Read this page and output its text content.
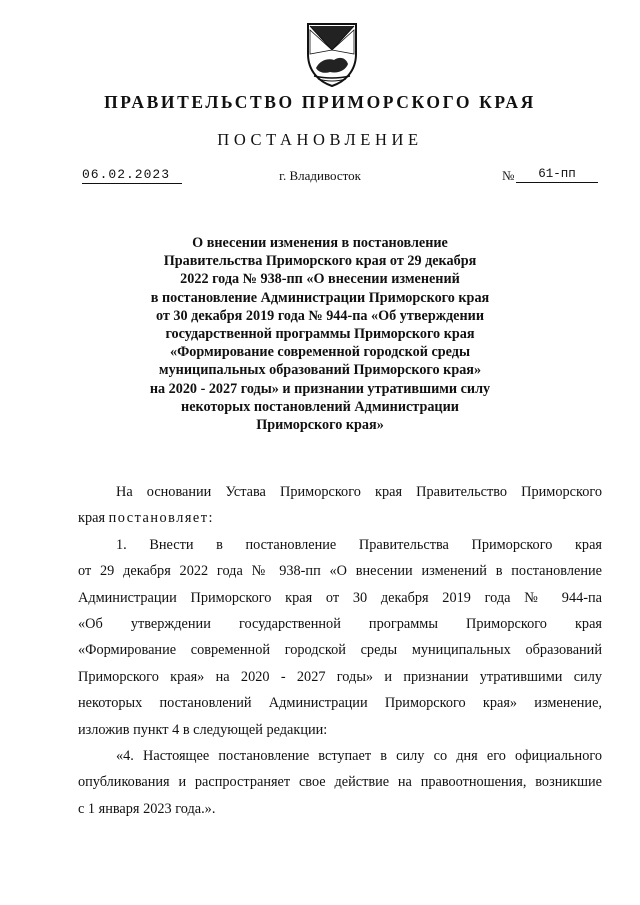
ПРАВИТЕЛЬСТВО ПРИМОРСКОГО КРАЯ
ПОСТАНОВЛЕНИЕ
06.02.2023	г. Владивосток	№	61-пп
О внесении изменения в постановление
Правительства Приморского края от 29 декабря
2022 года № 938-пп «О внесении изменений
в постановление Администрации Приморского края
от 30 декабря 2019 года № 944-па «Об утверждении
государственной программы Приморского края
«Формирование современной городской среды
муниципальных образований Приморского края»
на 2020 - 2027 годы» и признании утратившими силу
некоторых постановлений Администрации
Приморского края»
На основании Устава Приморского края Правительство Приморского
края постановляет:
1. Внести в постановление Правительства Приморского края
от 29 декабря 2022 года № 938-пп «О внесении изменений в постановление
Администрации Приморского края от 30 декабря 2019 года № 944-па
«Об утверждении государственной программы Приморского края
«Формирование современной городской среды муниципальных образований
Приморского края» на 2020 - 2027 годы» и признании утратившими силу
некоторых постановлений Администрации Приморского края» изменение,
изложив пункт 4 в следующей редакции:
«4. Настоящее постановление вступает в силу со дня его официального
опубликования и распространяет свое действие на правоотношения, возникшие
с 1 января 2023 года.».
